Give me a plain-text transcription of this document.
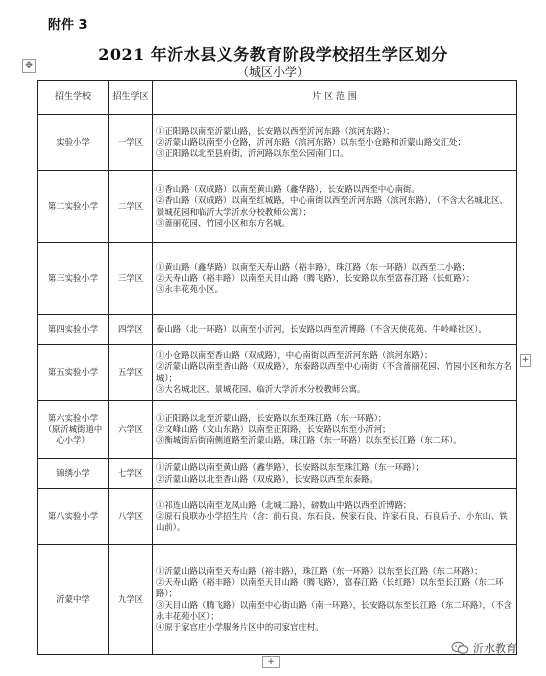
附件 3
2021 年沂水县义务教育阶段学校招生学区划分
（城区小学）
✥
招生学校	招生学区	片 区 范 围
实验小学	一学区	①正阳路以南至沂蒙山路，长安路以西至沂河东路（滨河东路）；
②沂蒙山路以南至小仓路，沂河东路（滨河东路）以东至小仓路和沂蒙山路交汇处；
③正阳路以北至县府街，沂河路以东至公园南门口。

第二实验小学	二学区	①香山路（双成路）以南至黄山路（鑫华路），长安路以西至中心南街。
②香山路（双成路）以南至红城路，中心南街以西至沂河东路（滨河东路），（不含大名城北区、景城花园和临沂大学沂水分校教师公寓）；
③蔷丽花园、竹园小区和东方名城。

第三实验小学	三学区	①黄山路（鑫华路）以南至天寿山路（裕丰路），珠江路（东一环路）以西至二小路；
②天寿山路（裕丰路）以南至天目山路（腾飞路），长安路以东至富春江路（长虹路）；
③永丰花苑小区。

第四实验小学	四学区	泰山路（北一环路）以南至小沂河，长安路以西至沂博路（不含天使花苑、牛岭峰社区）。

第五实验小学	五学区	①小仓路以南至香山路（双成路），中心南街以西至沂河东路（滨河东路）；
②沂蒙山路以南至香山路（双成路），东泰路以西至中心南街（不含蔷丽花园、竹园小区和东方名城）；
③大名城北区、景城花园、临沂大学沂水分校教师公寓。

第六实验小学（原沂城街道中心小学）	六学区	①正阳路以北至沂蒙山路，长安路以东至珠江路（东一环路）；
②文峰山路（文山东路）以南至正阳路，长安路以东至小沂河；
③衡城街后街南侧道路至沂蒙山路，珠江路（东一环路）以东至长江路（东二环）。

锦绣小学	七学区	①沂蒙山路以南至黄山路（鑫华路），长安路以东至珠江路（东一环路）；
②沂蒙山路以北至香山路（双成路），长安路以西至东泰路。

第八实验小学	八学区	①祁连山路以南至龙凤山路（北城二路），磅数山中路以西至沂博路；
②原石良联办小学招生片（含：前石良、东石良、侯家石良、许家石良、石良后子、小东山、铁山前）。

沂蒙中学	九学区	①沂蒙山路以南至天寿山路（裕丰路），珠江路（东一环路）以东至长江路（东二环路）；
②天寿山路（裕丰路）以南至天目山路（腾飞路），富春江路（长红路）以东至长江路（东二环路）；
③天目山路（腾飞路）以南至中心街山路（南一环路），长安路以东至长江路（东二环路），（不含永丰花苑小区）；
④原于家官庄小学服务片区中的司家官庄村。
+
+
沂水教育
